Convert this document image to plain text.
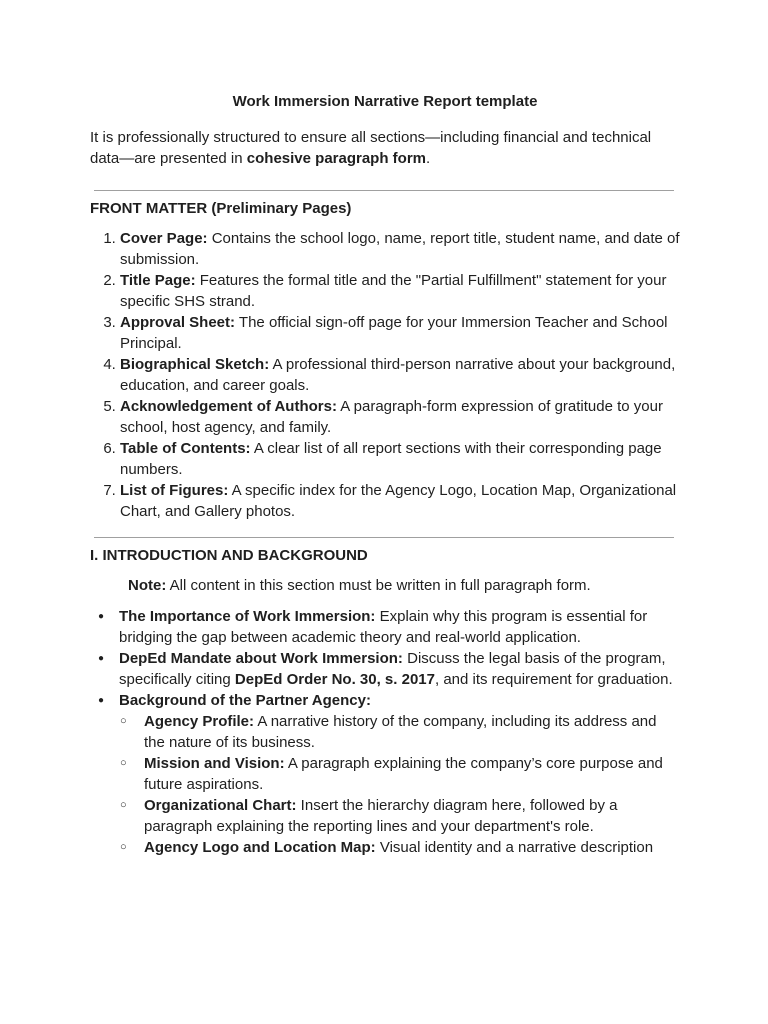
Work Immersion Narrative Report template

It is professionally structured to ensure all sections—including financial and technical data—are presented in cohesive paragraph form.

FRONT MATTER (Preliminary Pages)
1. Cover Page: Contains the school logo, name, report title, student name, and date of submission.
2. Title Page: Features the formal title and the "Partial Fulfillment" statement for your specific SHS strand.
3. Approval Sheet: The official sign-off page for your Immersion Teacher and School Principal.
4. Biographical Sketch: A professional third-person narrative about your background, education, and career goals.
5. Acknowledgement of Authors: A paragraph-form expression of gratitude to your school, host agency, and family.
6. Table of Contents: A clear list of all report sections with their corresponding page numbers.
7. List of Figures: A specific index for the Agency Logo, Location Map, Organizational Chart, and Gallery photos.
I. INTRODUCTION AND BACKGROUND

Note: All content in this section must be written in full paragraph form.

● The Importance of Work Immersion: Explain why this program is essential for bridging the gap between academic theory and real-world application.
● DepEd Mandate about Work Immersion: Discuss the legal basis of the program, specifically citing DepEd Order No. 30, s. 2017, and its requirement for graduation.
● Background of the Partner Agency:
○ Agency Profile: A narrative history of the company, including its address and the nature of its business.
○ Mission and Vision: A paragraph explaining the company’s core purpose and future aspirations.
○ Organizational Chart: Insert the hierarchy diagram here, followed by a paragraph explaining the reporting lines and your department's role.
○ Agency Logo and Location Map: Visual identity and a narrative description
